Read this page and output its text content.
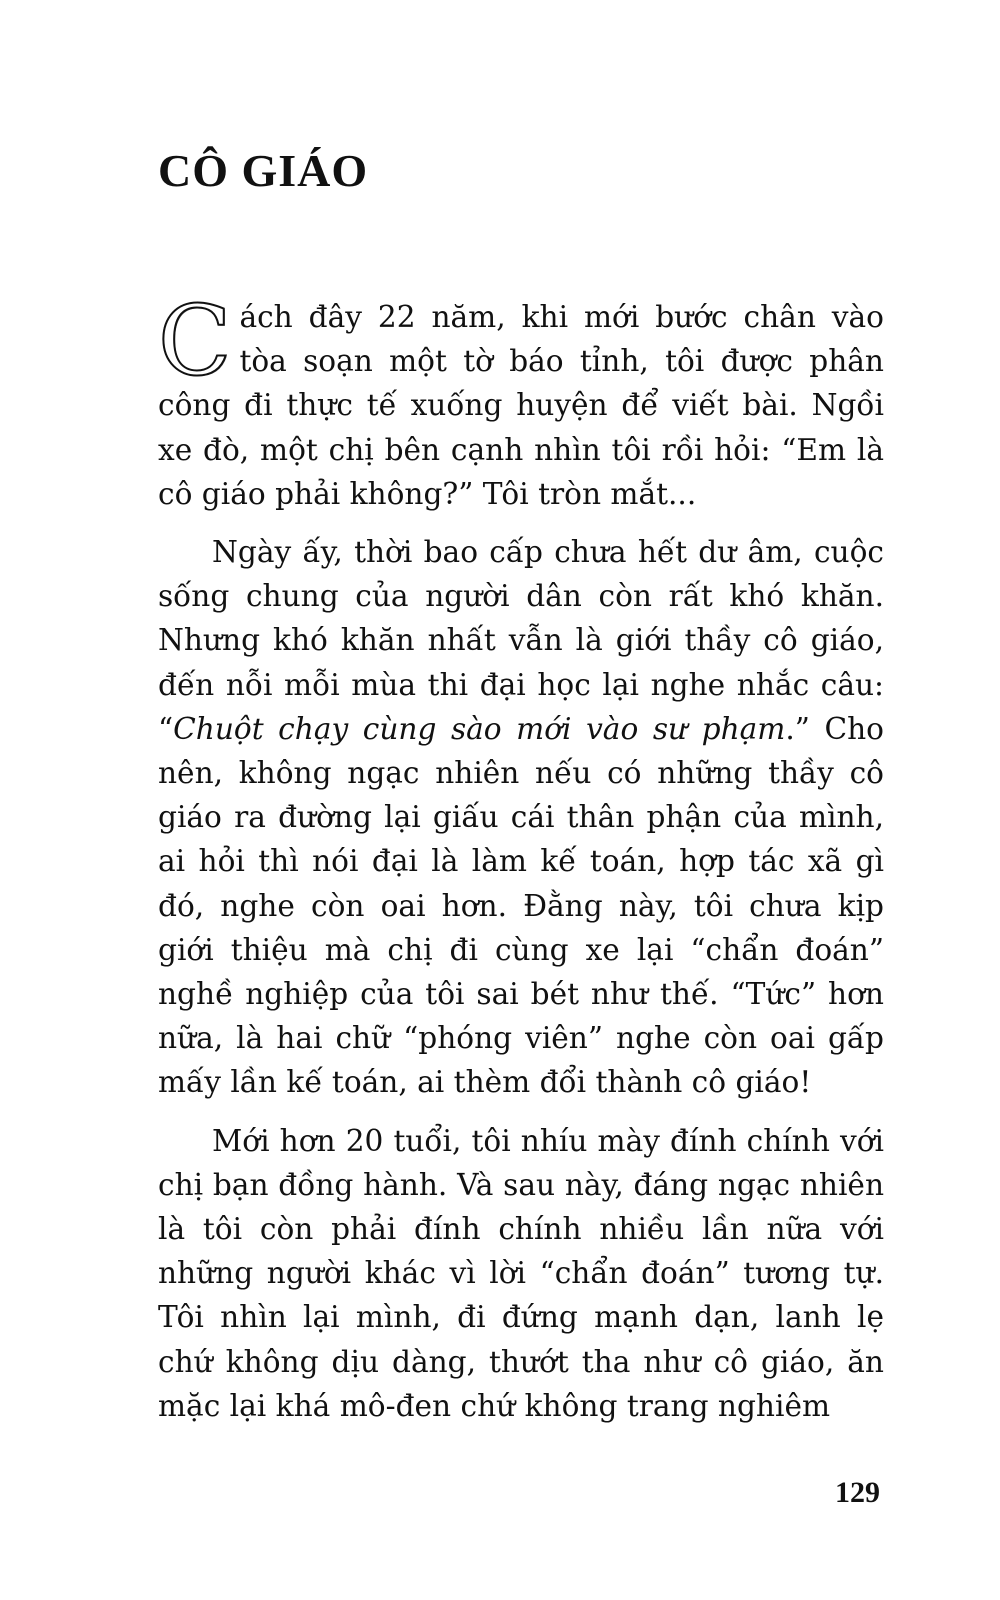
CÔ GIÁO

Cách đây 22 năm, khi mới bước chân vào tòa soạn một tờ báo tỉnh, tôi được phân công đi thực tế xuống huyện để viết bài. Ngồi xe đò, một chị bên cạnh nhìn tôi rồi hỏi: “Em là cô giáo phải không?” Tôi tròn mắt...

Ngày ấy, thời bao cấp chưa hết dư âm, cuộc sống chung của người dân còn rất khó khăn. Nhưng khó khăn nhất vẫn là giới thầy cô giáo, đến nỗi mỗi mùa thi đại học lại nghe nhắc câu: “Chuột chạy cùng sào mới vào sư phạm.” Cho nên, không ngạc nhiên nếu có những thầy cô giáo ra đường lại giấu cái thân phận của mình, ai hỏi thì nói đại là làm kế toán, hợp tác xã gì đó, nghe còn oai hơn. Đằng này, tôi chưa kịp giới thiệu mà chị đi cùng xe lại “chẩn đoán” nghề nghiệp của tôi sai bét như thế. “Tức” hơn nữa, là hai chữ “phóng viên” nghe còn oai gấp mấy lần kế toán, ai thèm đổi thành cô giáo!

Mới hơn 20 tuổi, tôi nhíu mày đính chính với chị bạn đồng hành. Và sau này, đáng ngạc nhiên là tôi còn phải đính chính nhiều lần nữa với những người khác vì lời “chẩn đoán” tương tự. Tôi nhìn lại mình, đi đứng mạnh dạn, lanh lẹ chứ không dịu dàng, thướt tha như cô giáo, ăn mặc lại khá mô-đen chứ không trang nghiêm

129
